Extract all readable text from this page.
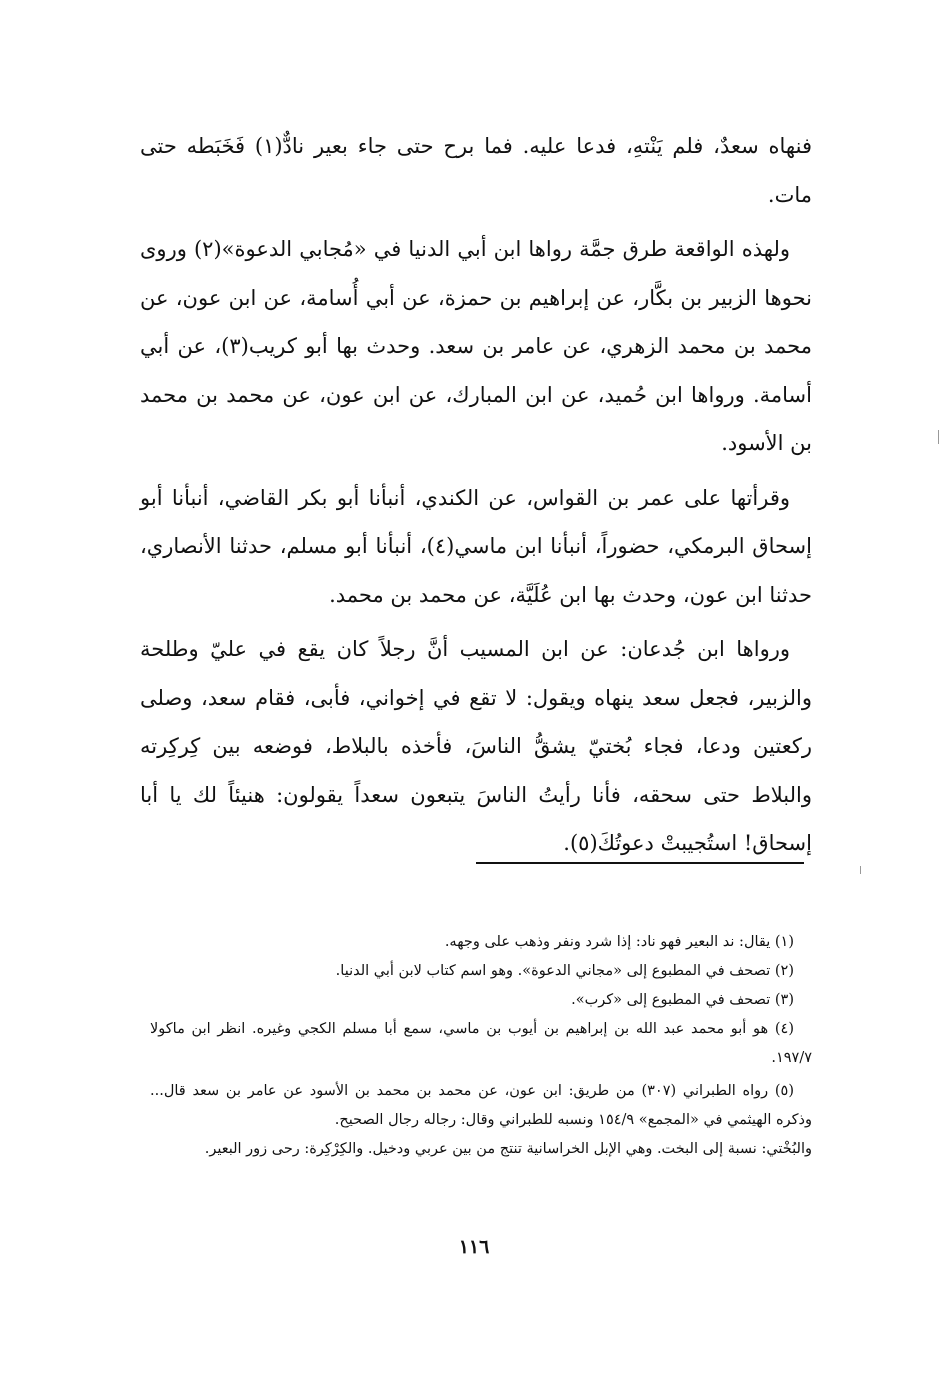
فنهاه سعدٌ، فلم يَنْتهِ، فدعا عليه. فما برح حتى جاء بعير نادٌّ(١) فَخَبَطه حتى مات.

ولهذه الواقعة طرق جمَّة رواها ابن أبي الدنيا في «مُجابي الدعوة»(٢) وروى نحوها الزبير بن بكَّار، عن إبراهيم بن حمزة، عن أبي أُسامة، عن ابن عون، عن محمد بن محمد الزهري، عن عامر بن سعد. وحدث بها أبو كريب(٣)، عن أبي أسامة. ورواها ابن حُميد، عن ابن المبارك، عن ابن عون، عن محمد بن محمد بن الأسود.

وقرأتها على عمر بن القواس، عن الكندي، أنبأنا أبو بكر القاضي، أنبأنا أبو إسحاق البرمكي، حضوراً، أنبأنا ابن ماسي(٤)، أنبأنا أبو مسلم، حدثنا الأنصاري، حدثنا ابن عون، وحدث بها ابن عُلَيَّة، عن محمد بن محمد.

ورواها ابن جُدعان: عن ابن المسيب أنَّ رجلاً كان يقع في عليّ وطلحة والزبير، فجعل سعد ينهاه ويقول: لا تقع في إخواني، فأبى، فقام سعد، وصلى ركعتين ودعا، فجاء بُختيّ يشقُّ الناسَ، فأخذه بالبلاط، فوضعه بين كِركِرته والبلاط حتى سحقه، فأنا رأيتُ الناسَ يتبعون سعداً يقولون: هنيئاً لك يا أبا إسحاق! استُجيبتْ دعوتُكَ(٥).

(١) يقال: ند البعير فهو ناد: إذا شرد ونفر وذهب على وجهه.

(٢) تصحف في المطبوع إلى «مجاني الدعوة». وهو اسم كتاب لابن أبي الدنيا.

(٣) تصحف في المطبوع إلى «كرب».

(٤) هو أبو محمد عبد الله بن إبراهيم بن أيوب بن ماسي، سمع أبا مسلم الكجي وغيره. انظر ابن ماكولا ١٩٧/٧.

(٥) رواه الطبراني (٣٠٧) من طريق: ابن عون، عن محمد بن محمد بن الأسود عن عامر بن سعد قال... وذكره الهيثمي في «المجمع» ١٥٤/٩ ونسبه للطبراني وقال: رجاله رجال الصحيح.

والبُخْتي: نسبة إلى البخت. وهي الإبل الخراسانية تنتج من بين عربي ودخيل. والكِرْكِرة: رحى زور البعير.

١١٦
